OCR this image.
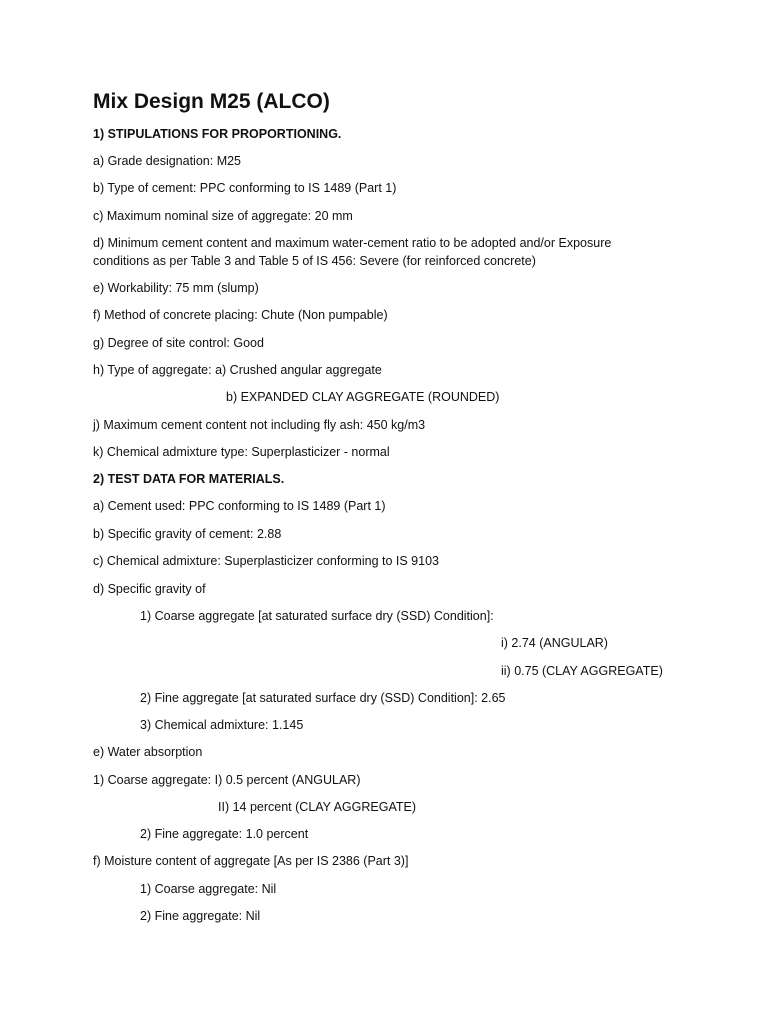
Mix Design M25 (ALCO)
1) STIPULATIONS FOR PROPORTIONING.
a) Grade designation: M25
b) Type of cement: PPC conforming to IS 1489 (Part 1)
c) Maximum nominal size of aggregate: 20 mm
d) Minimum cement content and maximum water-cement ratio to be adopted and/or Exposure
conditions as per Table 3 and Table 5 of IS 456: Severe (for reinforced concrete)
e) Workability: 75 mm (slump)
f) Method of concrete placing: Chute (Non pumpable)
g) Degree of site control: Good
h) Type of aggregate: a) Crushed angular aggregate
b) EXPANDED CLAY AGGREGATE (ROUNDED)
j) Maximum cement content not including fly ash: 450 kg/m3
k) Chemical admixture type: Superplasticizer - normal
2) TEST DATA FOR MATERIALS.
a) Cement used: PPC conforming to IS 1489 (Part 1)
b) Specific gravity of cement: 2.88
c) Chemical admixture: Superplasticizer conforming to IS 9103
d) Specific gravity of
1) Coarse aggregate [at saturated surface dry (SSD) Condition]:
i) 2.74 (ANGULAR)
ii) 0.75 (CLAY AGGREGATE)
2) Fine aggregate [at saturated surface dry (SSD) Condition]: 2.65
3) Chemical admixture: 1.145
e) Water absorption
1) Coarse aggregate: I) 0.5 percent (ANGULAR)
II) 14 percent (CLAY AGGREGATE)
2) Fine aggregate: 1.0 percent
f) Moisture content of aggregate [As per IS 2386 (Part 3)]
1) Coarse aggregate: Nil
2) Fine aggregate: Nil
